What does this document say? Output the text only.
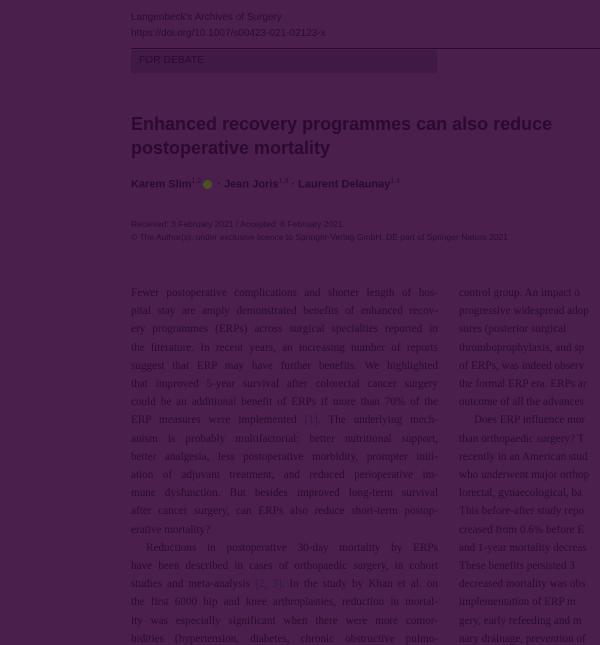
Langenbeck's Archives of Surgery
https://doi.org/10.1007/s00423-021-02123-x
FOR DEBATE
Enhanced recovery programmes can also reduce postoperative mortality
Karem Slim$^{1,2}$ · Jean Joris$^{1,3}$ · Laurent Delaunay$^{1,4}$
Received: 3 February 2021 / Accepted: 8 February 2021
© The Author(s), under exclusive licence to Springer-Verlag GmbH, DE part of Springer Nature 2021
Fewer postoperative complications and shorter length of hos-
pital stay are amply demonstrated benefits of enhanced recov-
ery programmes (ERPs) across surgical specialties reported in
the literature. In recent years, an increasing number of reports
suggest that ERP may have further benefits. We highlighted
that improved 5-year survival after colorectal cancer surgery
could be an additional benefit of ERPs if more than 70% of the
ERP measures were implemented [1]. The underlying mech-
anism is probably multifactorial: better nutritional support,
better analgesia, less postoperative morbidity, prompter initi-
ation of adjuvant treatment, and reduced perioperative im-
mune dysfunction. But besides improved long-term survival
after cancer surgery, can ERPs also reduce short-term postop-
erative mortality?
Reductions in postoperative 30-day mortality by ERPs
have been described in cases of orthopaedic surgery, in cohort
studies and meta-analysis [2, 3]. In the study by Khan et al. on
the first 6000 hip and knee arthroplasties, reduction in mortal-
ity was especially significant when there were more comor-
bidities (hypertension, diabetes, chronic obstructive pulmo-
control group. An impact o
progressive widespread adop
sures (posterior surgical
thromboprophylaxis, and sp
of ERPs, was indeed observ
the formal ERP era. ERPs ar
outcome of all the advances
Does ERP influence mor
than orthopaedic surgery? T
recently in an American stud
who underwent major orthop
lorectal, gynaecological, ba
This before-after study repo
creased from 0.6% before E
and 1-year mortality decreas
These benefits persisted 3
decreased mortality was obs
implementation of ERP m
gery, early refeeding and m
nary drainage, prevention of
